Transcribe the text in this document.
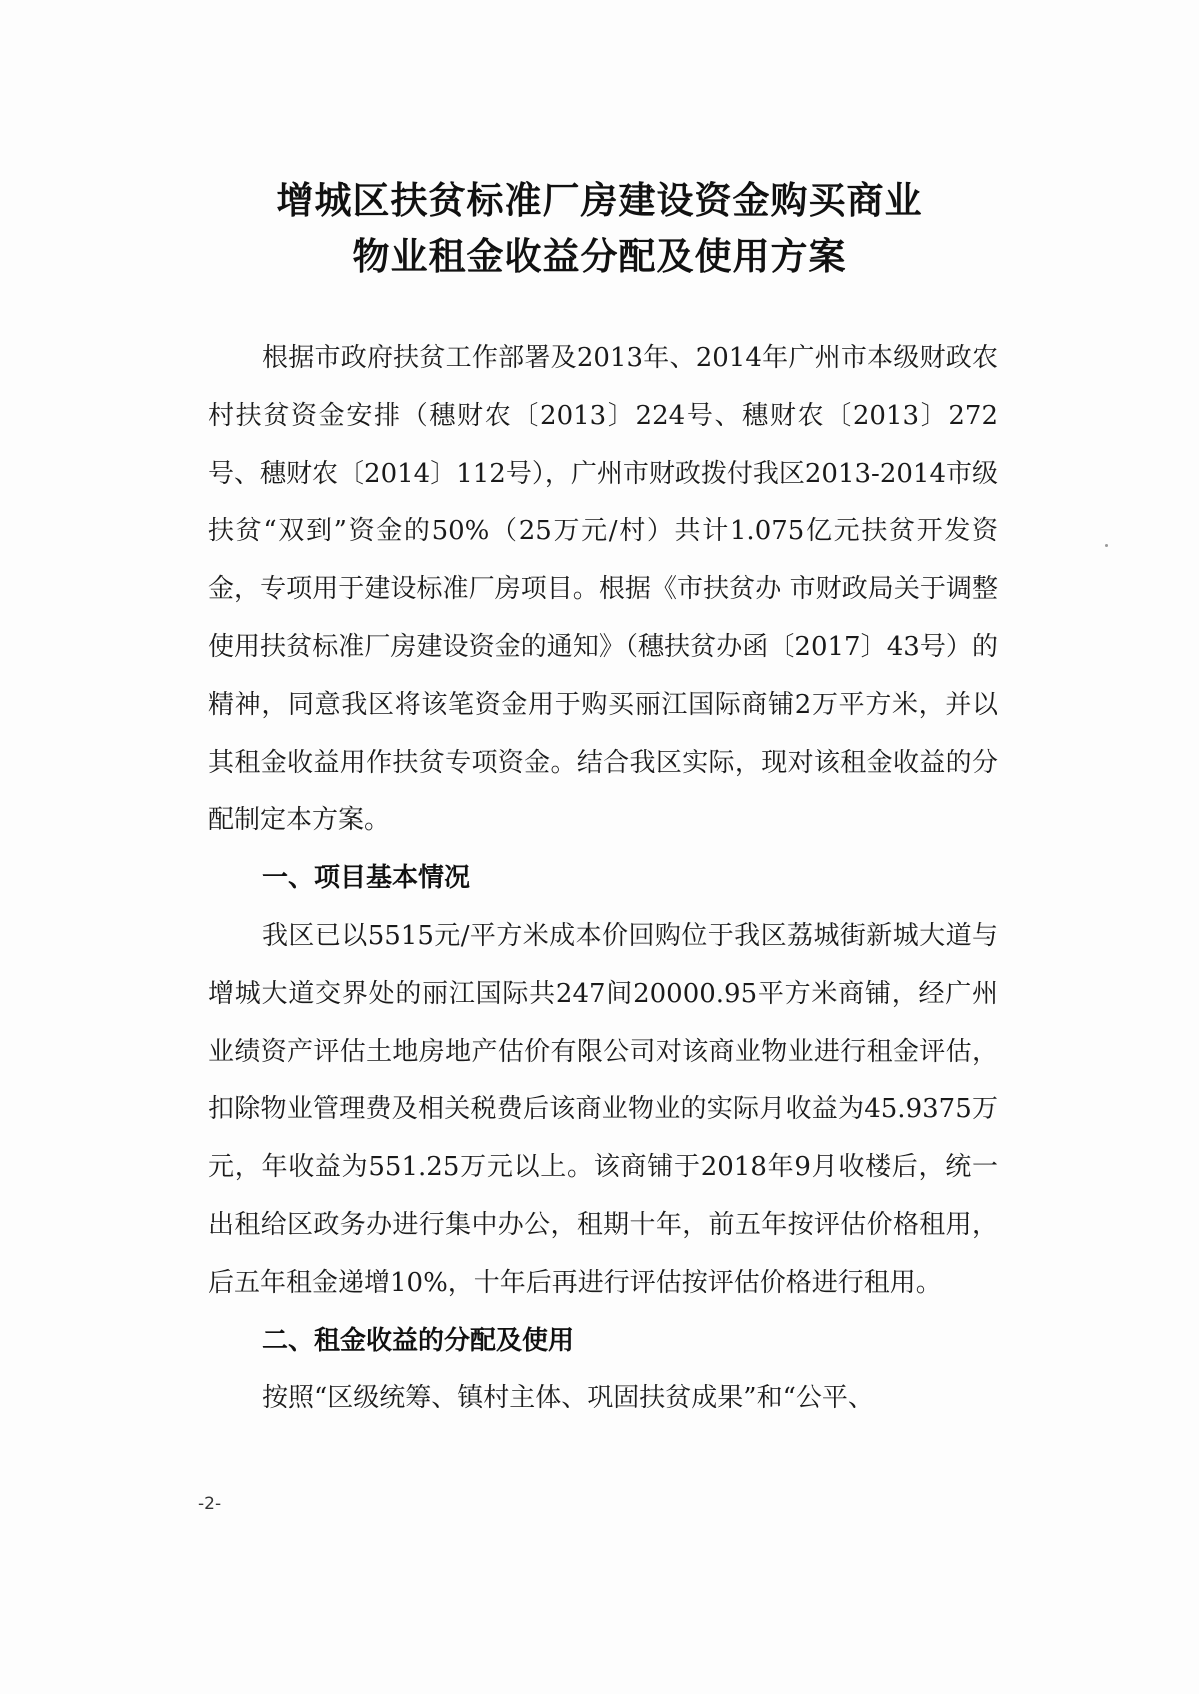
增城区扶贫标准厂房建设资金购买商业
物业租金收益分配及使用方案

根据市政府扶贫工作部署及2013年、2014年广州市本级财政农村扶贫资金安排（穗财农〔2013〕224号、穗财农〔2013〕272号、穗财农〔2014〕112号），广州市财政拨付我区2013-2014市级扶贫“双到”资金的50%（25万元/村）共计1.075亿元扶贫开发资金，专项用于建设标准厂房项目。根据《市扶贫办 市财政局关于调整使用扶贫标准厂房建设资金的通知》（穗扶贫办函〔2017〕43号）的精神，同意我区将该笔资金用于购买丽江国际商铺2万平方米，并以其租金收益用作扶贫专项资金。结合我区实际，现对该租金收益的分配制定本方案。

一、项目基本情况

我区已以5515元/平方米成本价回购位于我区荔城街新城大道与增城大道交界处的丽江国际共247间20000.95平方米商铺，经广州业绩资产评估土地房地产估价有限公司对该商业物业进行租金评估，扣除物业管理费及相关税费后该商业物业的实际月收益为45.9375万元，年收益为551.25万元以上。该商铺于2018年9月收楼后，统一出租给区政务办进行集中办公，租期十年，前五年按评估价格租用，后五年租金递增10%，十年后再进行评估按评估价格进行租用。

二、租金收益的分配及使用

按照“区级统筹、镇村主体、巩固扶贫成果”和“公平、

-2-
